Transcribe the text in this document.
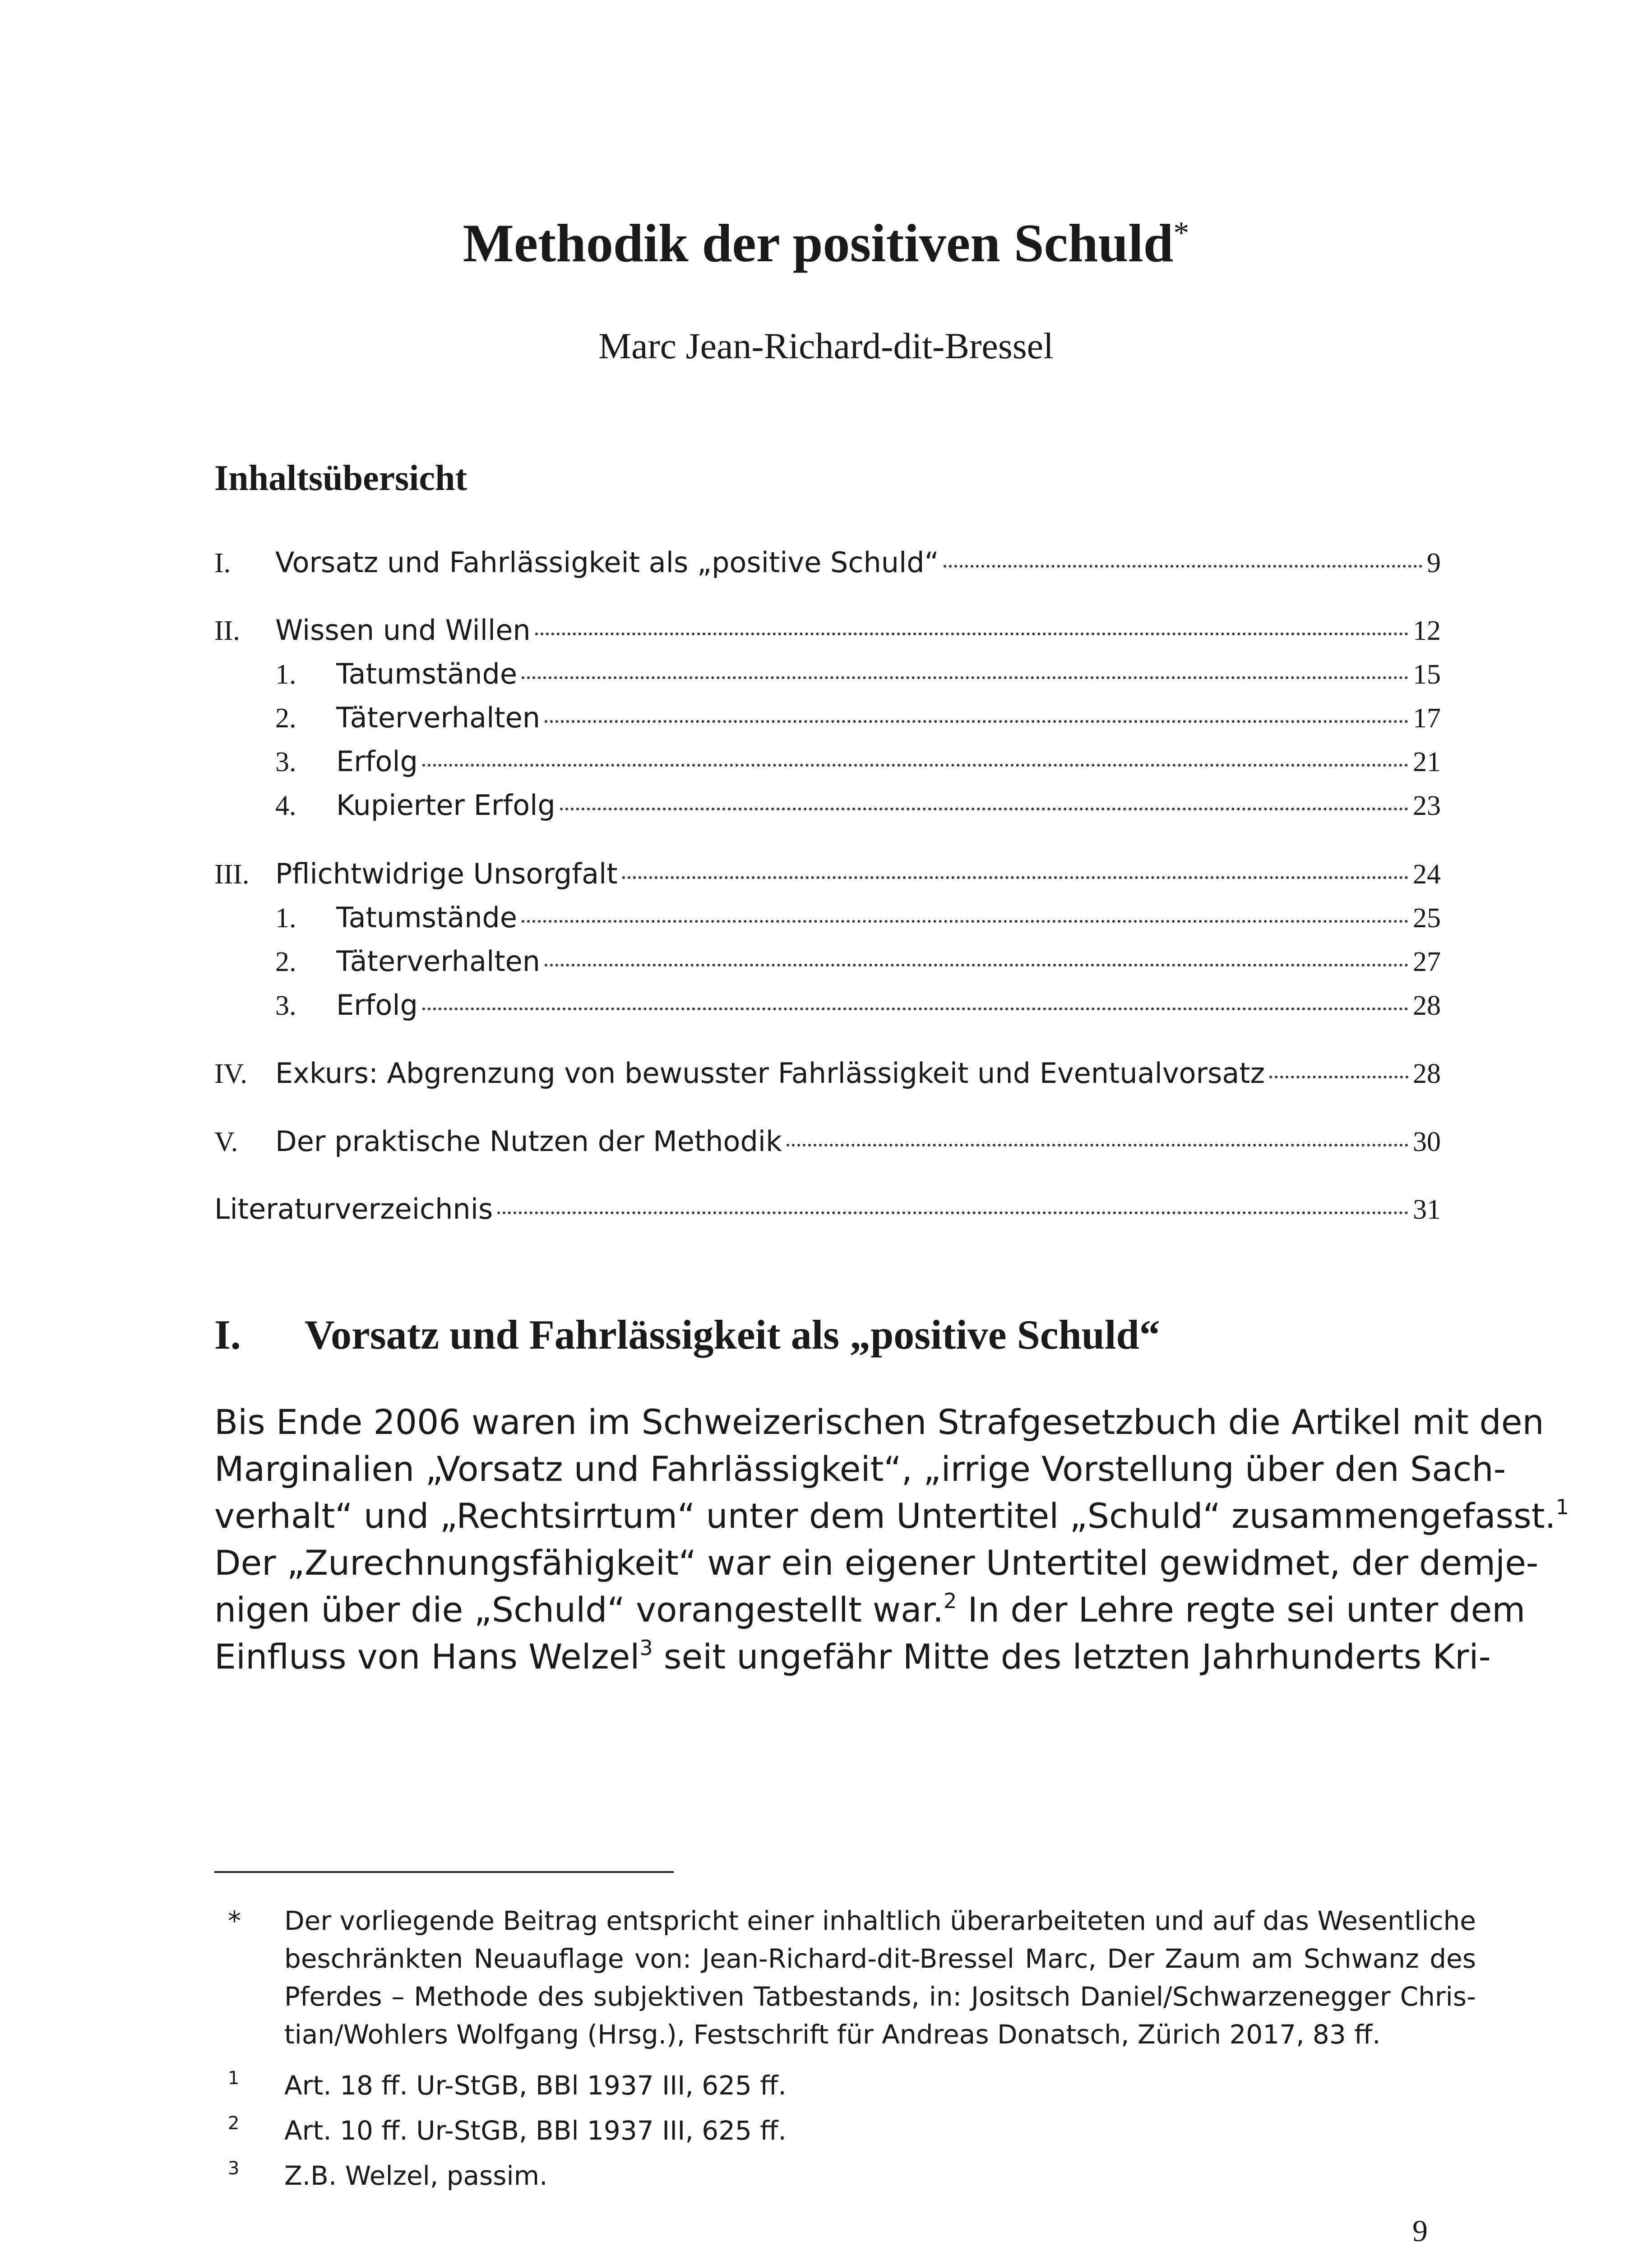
Methodik der positiven Schuld*
Marc Jean-Richard-dit-Bressel
Inhaltsübersicht
I.	Vorsatz und Fahrlässigkeit als „positive Schuld“	9
II.	Wissen und Willen	12
1.	Tatumstände	15
2.	Täterverhalten	17
3.	Erfolg	21
4.	Kupierter Erfolg	23
III. Pflichtwidrige Unsorgfalt	24
1.	Tatumstände	25
2.	Täterverhalten	27
3.	Erfolg	28
IV.	Exkurs: Abgrenzung von bewusster Fahrlässigkeit und Eventualvorsatz	28
V.	Der praktische Nutzen der Methodik	30
Literaturverzeichnis	31
I.	Vorsatz und Fahrlässigkeit als „positive Schuld“
Bis Ende 2006 waren im Schweizerischen Strafgesetzbuch die Artikel mit den
Marginalien „Vorsatz und Fahrlässigkeit“, „irrige Vorstellung über den Sach-
verhalt“ und „Rechtsirrtum“ unter dem Untertitel „Schuld“ zusammengefasst.$^1$
Der „Zurechnungsfähigkeit“ war ein eigener Untertitel gewidmet, der demje-
nigen über die „Schuld“ vorangestellt war.$^2$ In der Lehre regte sei unter dem
Einfluss von Hans Welzel$^3$ seit ungefähr Mitte des letzten Jahrhunderts Kri-
*	Der vorliegende Beitrag entspricht einer inhaltlich überarbeiteten und auf das Wesentliche
beschränkten Neuauflage von: Jean-Richard-dit-Bressel Marc, Der Zaum am Schwanz des
Pferdes – Methode des subjektiven Tatbestands, in: Jositsch Daniel/Schwarzenegger Chris-
tian/Wohlers Wolfgang (Hrsg.), Festschrift für Andreas Donatsch, Zürich 2017, 83 ff.
1	Art. 18 ff. Ur-StGB, BBl 1937 III, 625 ff.
2	Art. 10 ff. Ur-StGB, BBl 1937 III, 625 ff.
3	Z.B. Welzel, passim.
9
